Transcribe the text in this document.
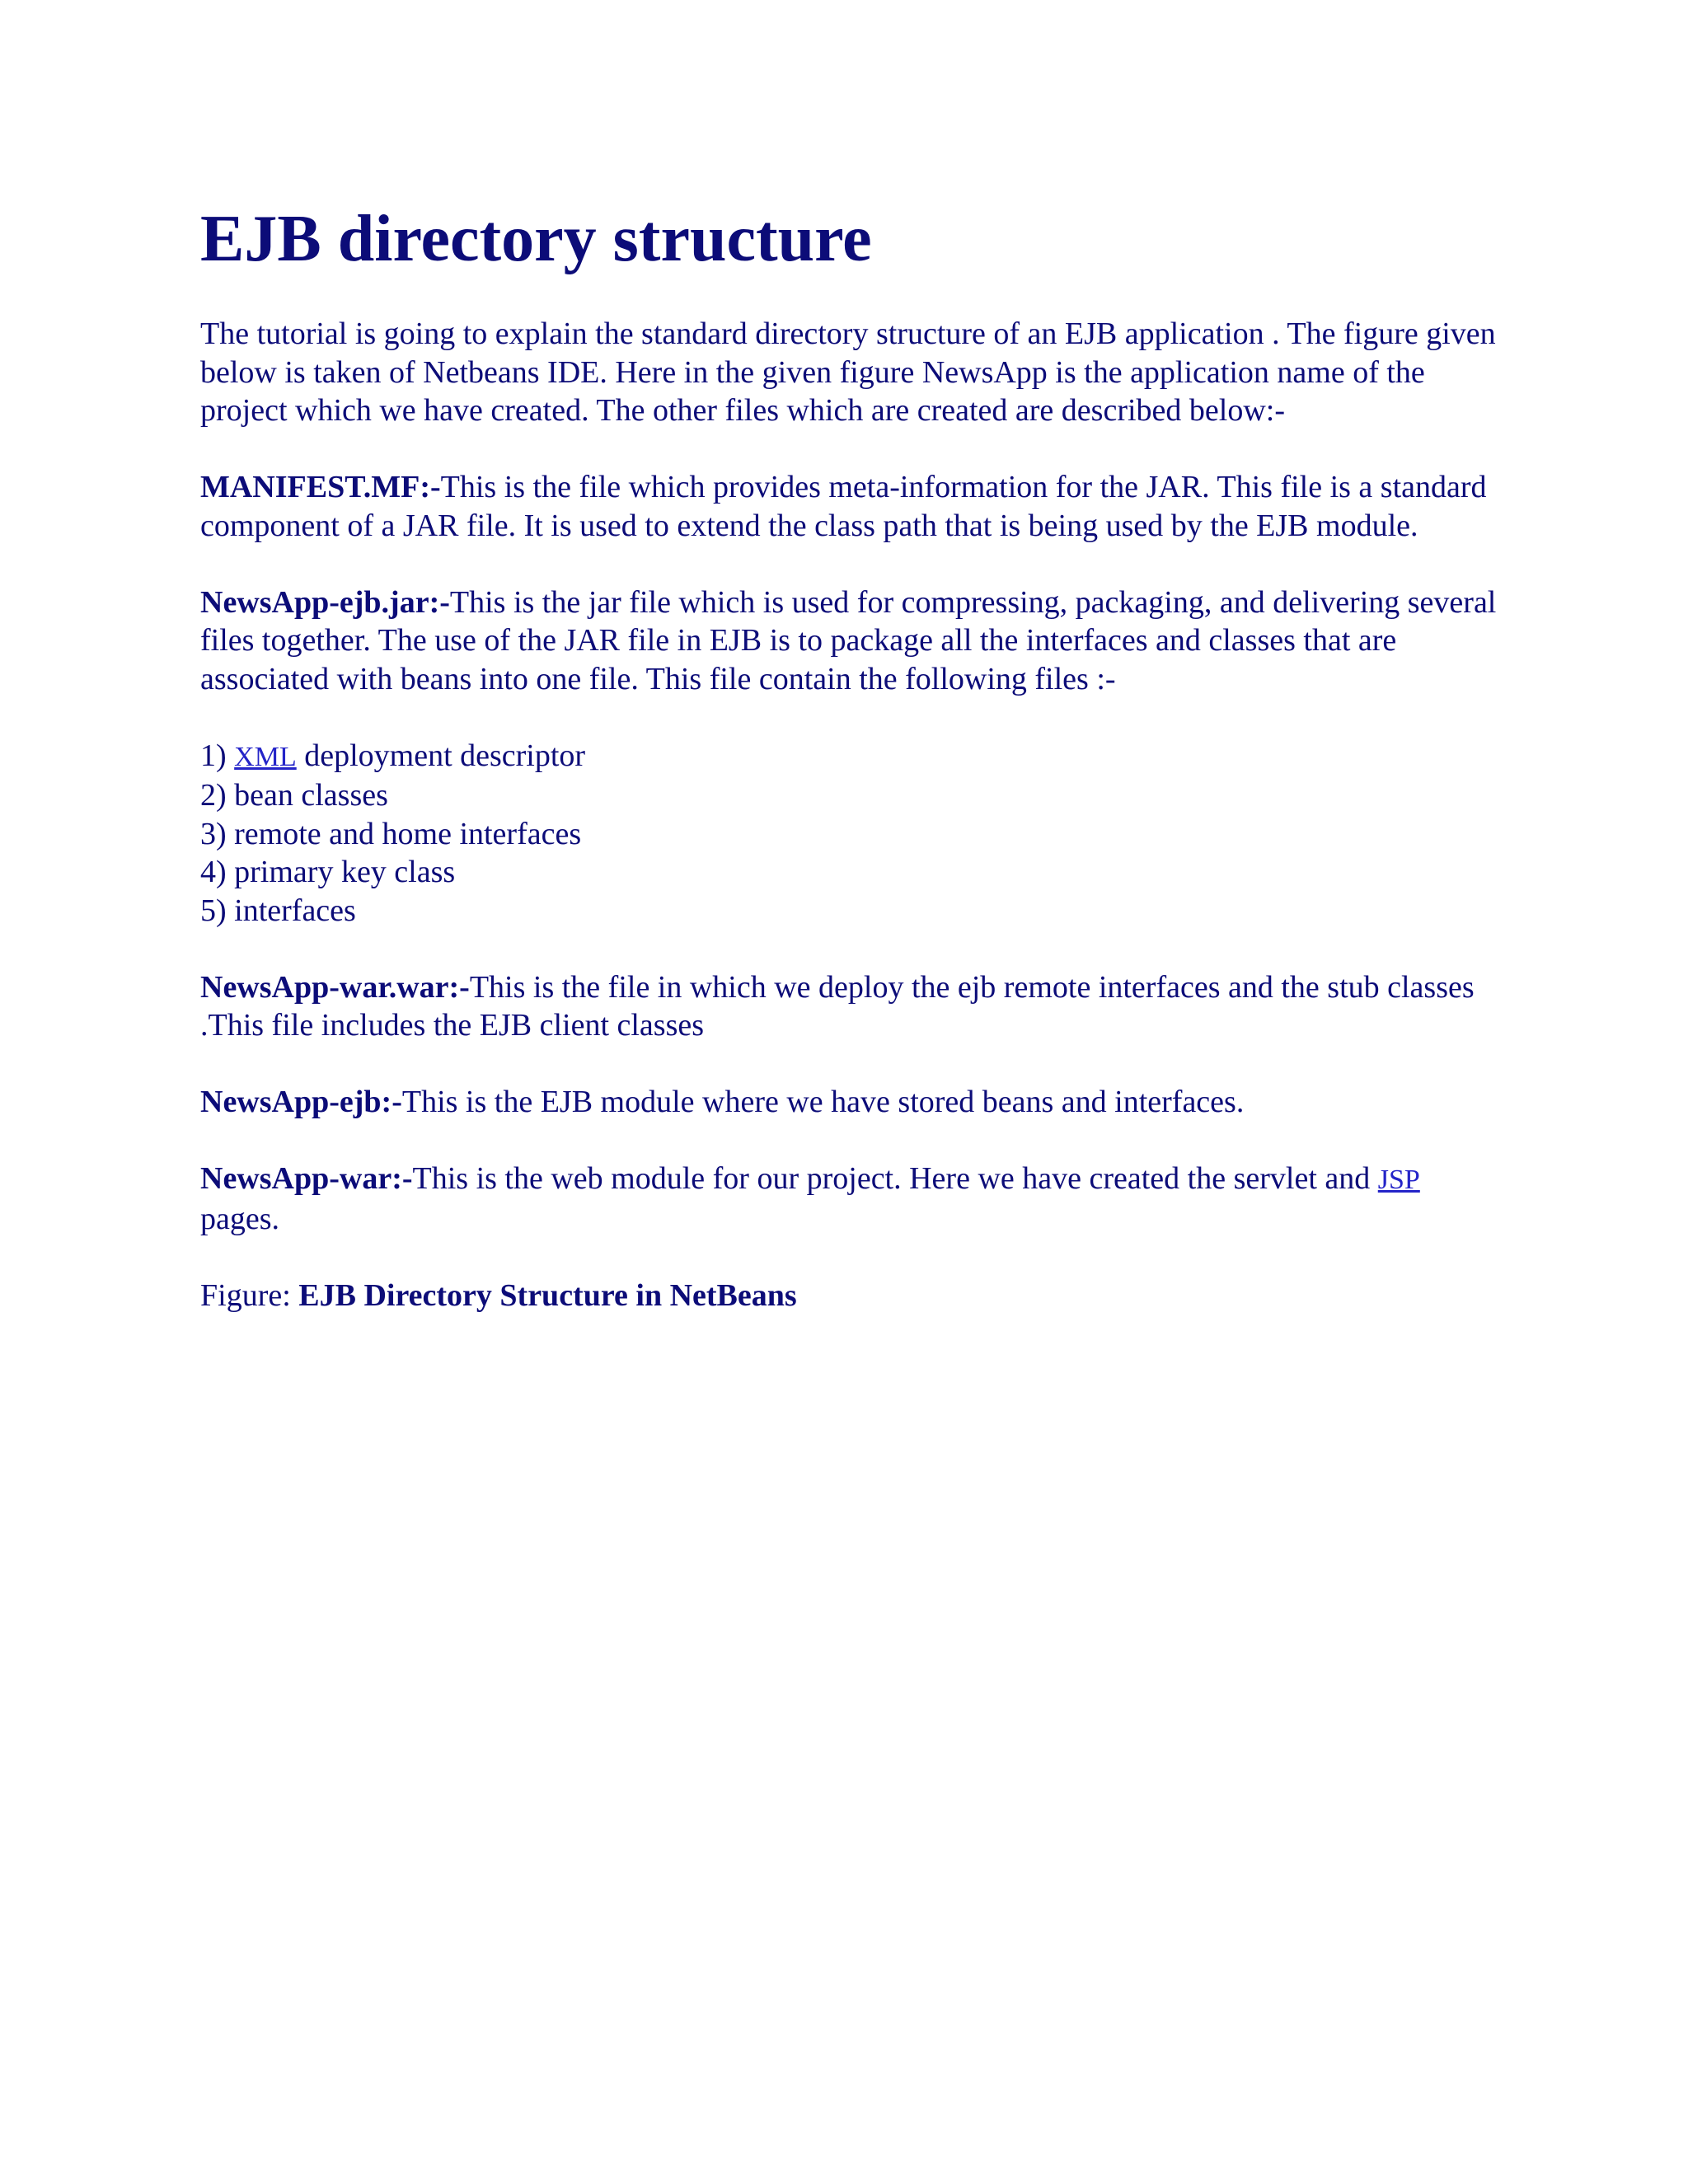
EJB directory structure

The tutorial is going to explain the standard directory structure of an EJB application . The figure given below is taken of Netbeans IDE. Here in the given figure NewsApp is the application name of the project which we have created. The other files which are created are described below:-

MANIFEST.MF:-This is the file which provides meta-information for the JAR. This file is a standard component of a JAR file. It is used to extend the class path that is being used by the EJB module.

NewsApp-ejb.jar:-This is the jar file which is used for compressing, packaging, and delivering several files together. The use of the JAR file in EJB is to package all the interfaces and classes that are associated with beans into one file. This file contain the following files :-

1) XML deployment descriptor
2) bean classes
3) remote and home interfaces
4) primary key class
5) interfaces

NewsApp-war.war:-This is the file in which we deploy the ejb remote interfaces and the stub classes .This file includes the EJB client classes

NewsApp-ejb:-This is the EJB module where we have stored beans and interfaces.

NewsApp-war:-This is the web module for our project. Here we have created the servlet and JSP
pages.

Figure: EJB Directory Structure in NetBeans
